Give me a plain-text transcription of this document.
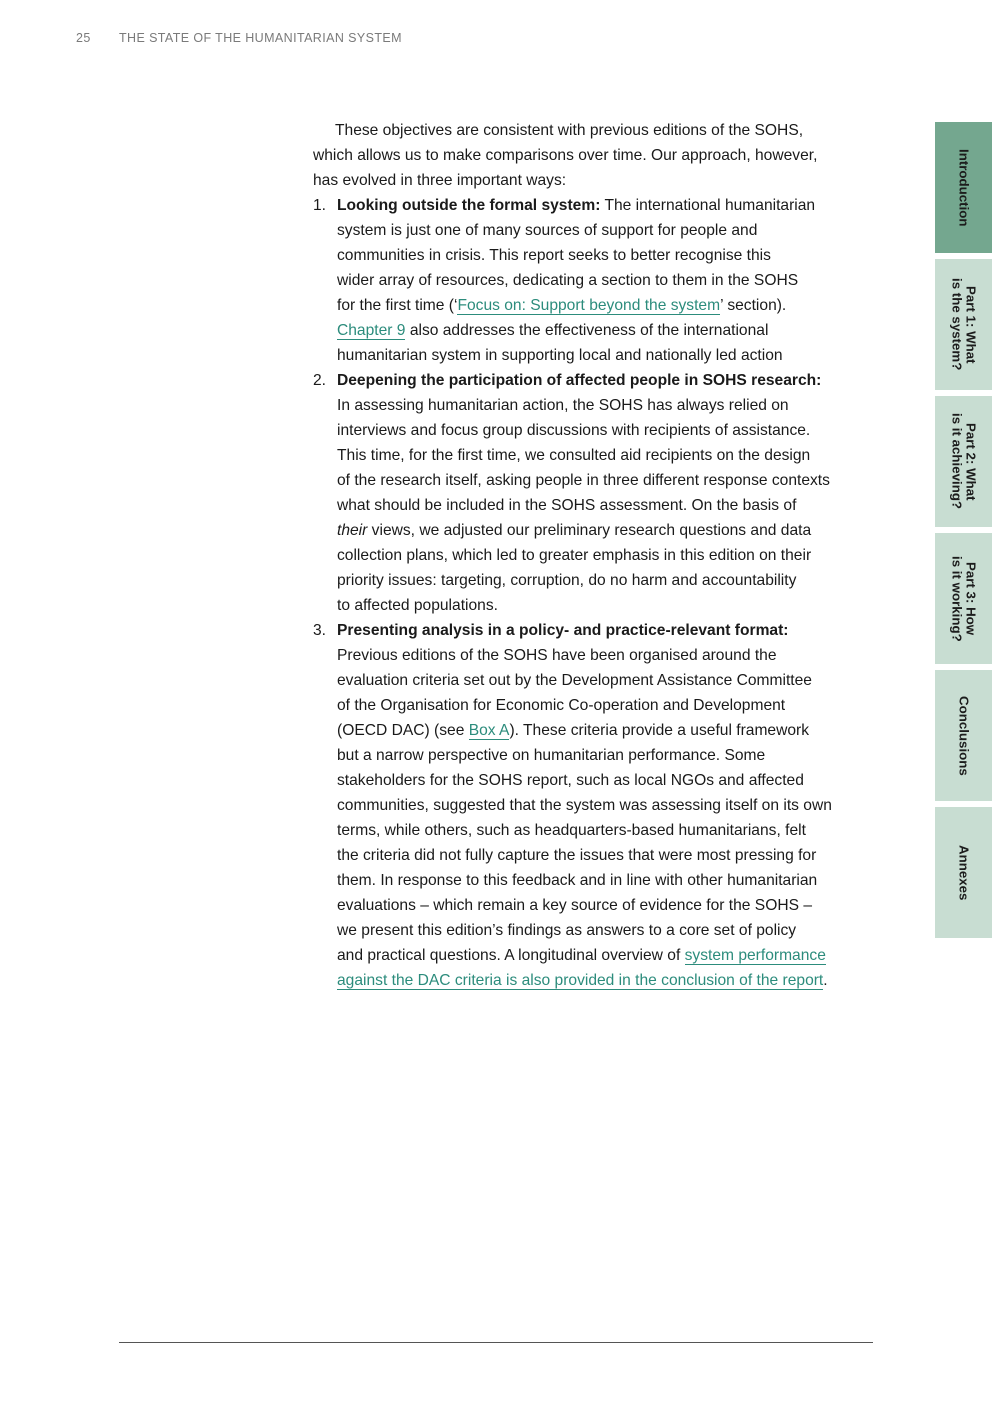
25 THE STATE OF THE HUMANITARIAN SYSTEM
These objectives are consistent with previous editions of the SOHS,
which allows us to make comparisons over time. Our approach, however,
has evolved in three important ways:
1. Looking outside the formal system: The international humanitarian
system is just one of many sources of support for people and
communities in crisis. This report seeks to better recognise this
wider array of resources, dedicating a section to them in the SOHS
for the first time (‘Focus on: Support beyond the system’ section).
Chapter 9 also addresses the effectiveness of the international
humanitarian system in supporting local and nationally led action
2. Deepening the participation of affected people in SOHS research:
In assessing humanitarian action, the SOHS has always relied on
interviews and focus group discussions with recipients of assistance.
This time, for the first time, we consulted aid recipients on the design
of the research itself, asking people in three different response contexts
what should be included in the SOHS assessment. On the basis of
their views, we adjusted our preliminary research questions and data
collection plans, which led to greater emphasis in this edition on their
priority issues: targeting, corruption, do no harm and accountability
to affected populations.
3. Presenting analysis in a policy- and practice-relevant format:
Previous editions of the SOHS have been organised around the
evaluation criteria set out by the Development Assistance Committee
of the Organisation for Economic Co-operation and Development
(OECD DAC) (see Box A). These criteria provide a useful framework
but a narrow perspective on humanitarian performance. Some
stakeholders for the SOHS report, such as local NGOs and affected
communities, suggested that the system was assessing itself on its own
terms, while others, such as headquarters-based humanitarians, felt
the criteria did not fully capture the issues that were most pressing for
them. In response to this feedback and in line with other humanitarian
evaluations – which remain a key source of evidence for the SOHS –
we present this edition’s findings as answers to a core set of policy
and practical questions. A longitudinal overview of system performance
against the DAC criteria is also provided in the conclusion of the report.
Introduction
Part 1: What
is the system?
Part 2: What
is it achieving?
Part 3: How
is it working?
Conclusions
Annexes
